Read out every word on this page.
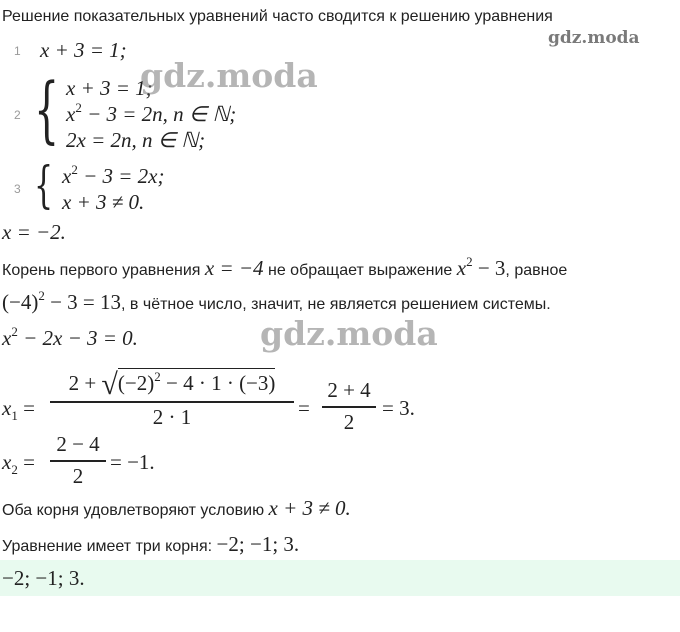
Решение показательных уравнений часто сводится к решению уравнения
gdz.moda
1 x + 3 = 1;
2 { x + 3 = 1;
$x^2 - 3 = 2n$, n ∈ ℕ;
2x = 2n, n ∈ ℕ;
3 { $x^2 - 3 = 2x$;
x + 3 ≠ 0.
gdz.moda
x = −2.
Корень первого уравнения x = −4 не обращает выражение $x^2 - 3$, равное
$(-4)^2 - 3 = 13$, в чётное число, значит, не является решением системы.
$x^2 - 2x - 3 = 0$.	gdz.moda
$x_1$ =
$2 + √(-2)^2 - 4 \cdot 1 \cdot (-3)$
2 · 1	=
2 + 4
2
= 3.
$x_2$ =
2 − 4
2
= −1.
Оба корня удовлетворяют условию x + 3 ≠ 0.
Уравнение имеет три корня: −2; −1; 3.
−2; −1; 3.
